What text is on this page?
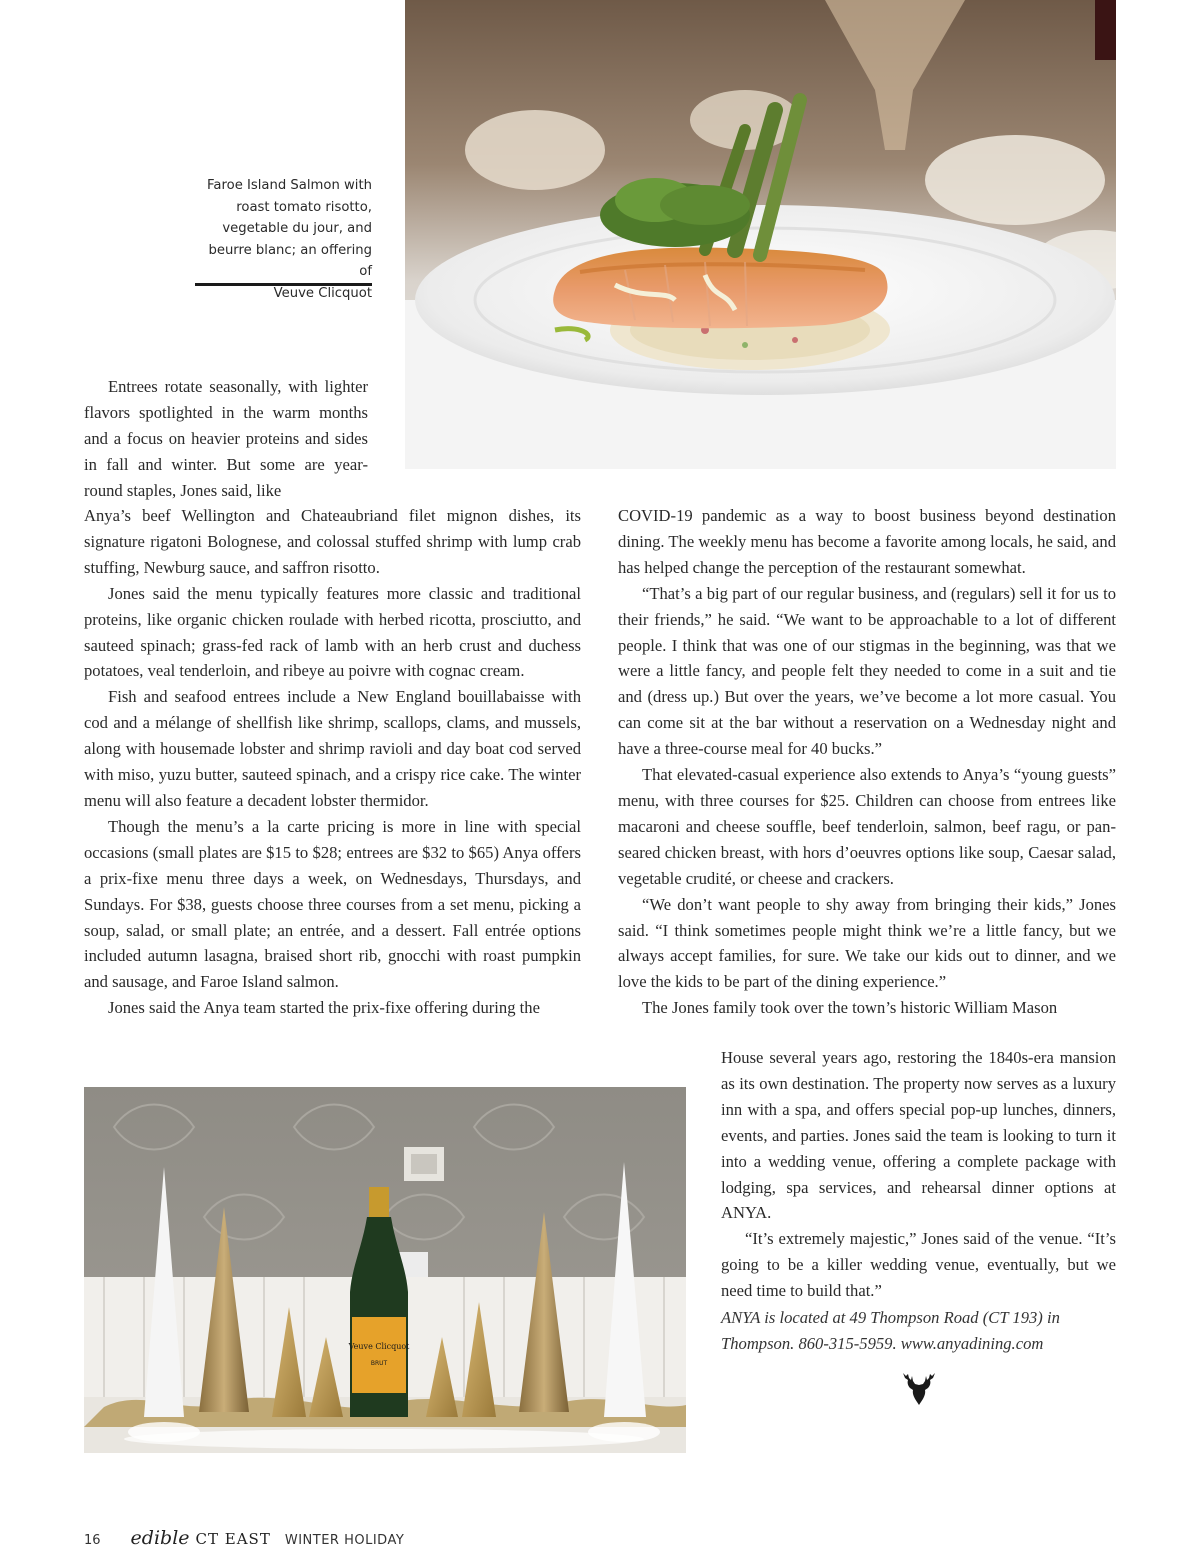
Faroe Island Salmon with
roast tomato risotto,
vegetable du jour, and
beurre blanc; an offering of
Veuve Clicquot

Entrees rotate seasonally, with lighter flavors spotlighted in the warm months and a focus on heavier proteins and sides in fall and winter. But some are year-round staples, Jones said, like

Anya’s beef Wellington and Chateaubriand filet mignon dishes, its signature rigatoni Bolognese, and colossal stuffed shrimp with lump crab stuffing, Newburg sauce, and saffron risotto.

Jones said the menu typically features more classic and traditional proteins, like organic chicken roulade with herbed ricotta, prosciutto, and sauteed spinach; grass-fed rack of lamb with an herb crust and duchess potatoes, veal tenderloin, and ribeye au poivre with cognac cream.

Fish and seafood entrees include a New England bouillabaisse with cod and a mélange of shellfish like shrimp, scallops, clams, and mussels, along with housemade lobster and shrimp ravioli and day boat cod served with miso, yuzu butter, sauteed spinach, and a crispy rice cake. The winter menu will also feature a decadent lobster thermidor.

Though the menu’s a la carte pricing is more in line with special occasions (small plates are $15 to $28; entrees are $32 to $65) Anya offers a prix-fixe menu three days a week, on Wednesdays, Thursdays, and Sundays. For $38, guests choose three courses from a set menu, picking a soup, salad, or small plate; an entrée, and a dessert. Fall entrée options included autumn lasagna, braised short rib, gnocchi with roast pumpkin and sausage, and Faroe Island salmon.

Jones said the Anya team started the prix-fixe offering during the

COVID-19 pandemic as a way to boost business beyond destination dining. The weekly menu has become a favorite among locals, he said, and has helped change the perception of the restaurant somewhat.

“That’s a big part of our regular business, and (regulars) sell it for us to their friends,” he said. “We want to be approachable to a lot of different people. I think that was one of our stigmas in the beginning, was that we were a little fancy, and people felt they needed to come in a suit and tie and (dress up.) But over the years, we’ve become a lot more casual. You can come sit at the bar without a reservation on a Wednesday night and have a three-course meal for 40 bucks.”

That elevated-casual experience also extends to Anya’s “young guests” menu, with three courses for $25. Children can choose from entrees like macaroni and cheese souffle, beef tenderloin, salmon, beef ragu, or pan-seared chicken breast, with hors d’oeuvres options like soup, Caesar salad, vegetable crudité, or cheese and crackers.

“We don’t want people to shy away from bringing their kids,” Jones said. “I think sometimes people might think we’re a little fancy, but we always accept families, for sure. We take our kids out to dinner, and we love the kids to be part of the dining experience.”

The Jones family took over the town’s historic William Mason

House several years ago, restoring the 1840s-era mansion as its own destination. The property now serves as a luxury inn with a spa, and offers special pop-up lunches, dinners, events, and parties. Jones said the team is looking to turn it into a wedding venue, offering a complete package with lodging, spa services, and rehearsal dinner options at ANYA.

“It’s extremely majestic,” Jones said of the venue. “It’s going to be a killer wedding venue, eventually, but we need time to build that.”

ANYA is located at 49 Thompson Road (CT 193) in Thompson. 860-315-5959. www.anyadining.com
Veuve Clicquot
BRUT
16 edible CT EAST WINTER HOLIDAY
